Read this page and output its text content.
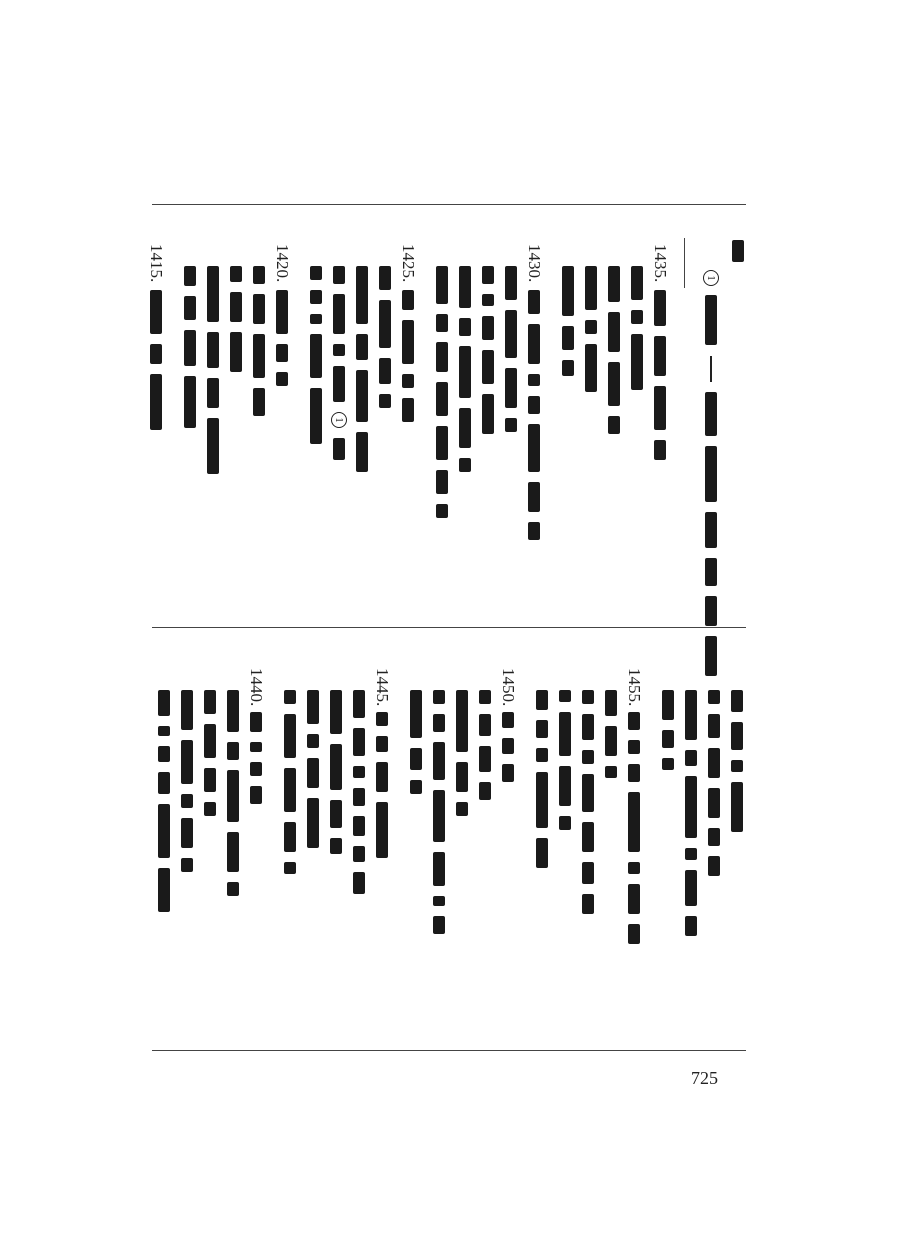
1
1435.
1430.
1425.
1
1420.
1415.
1455.
1450.
1445.
1440.
725
